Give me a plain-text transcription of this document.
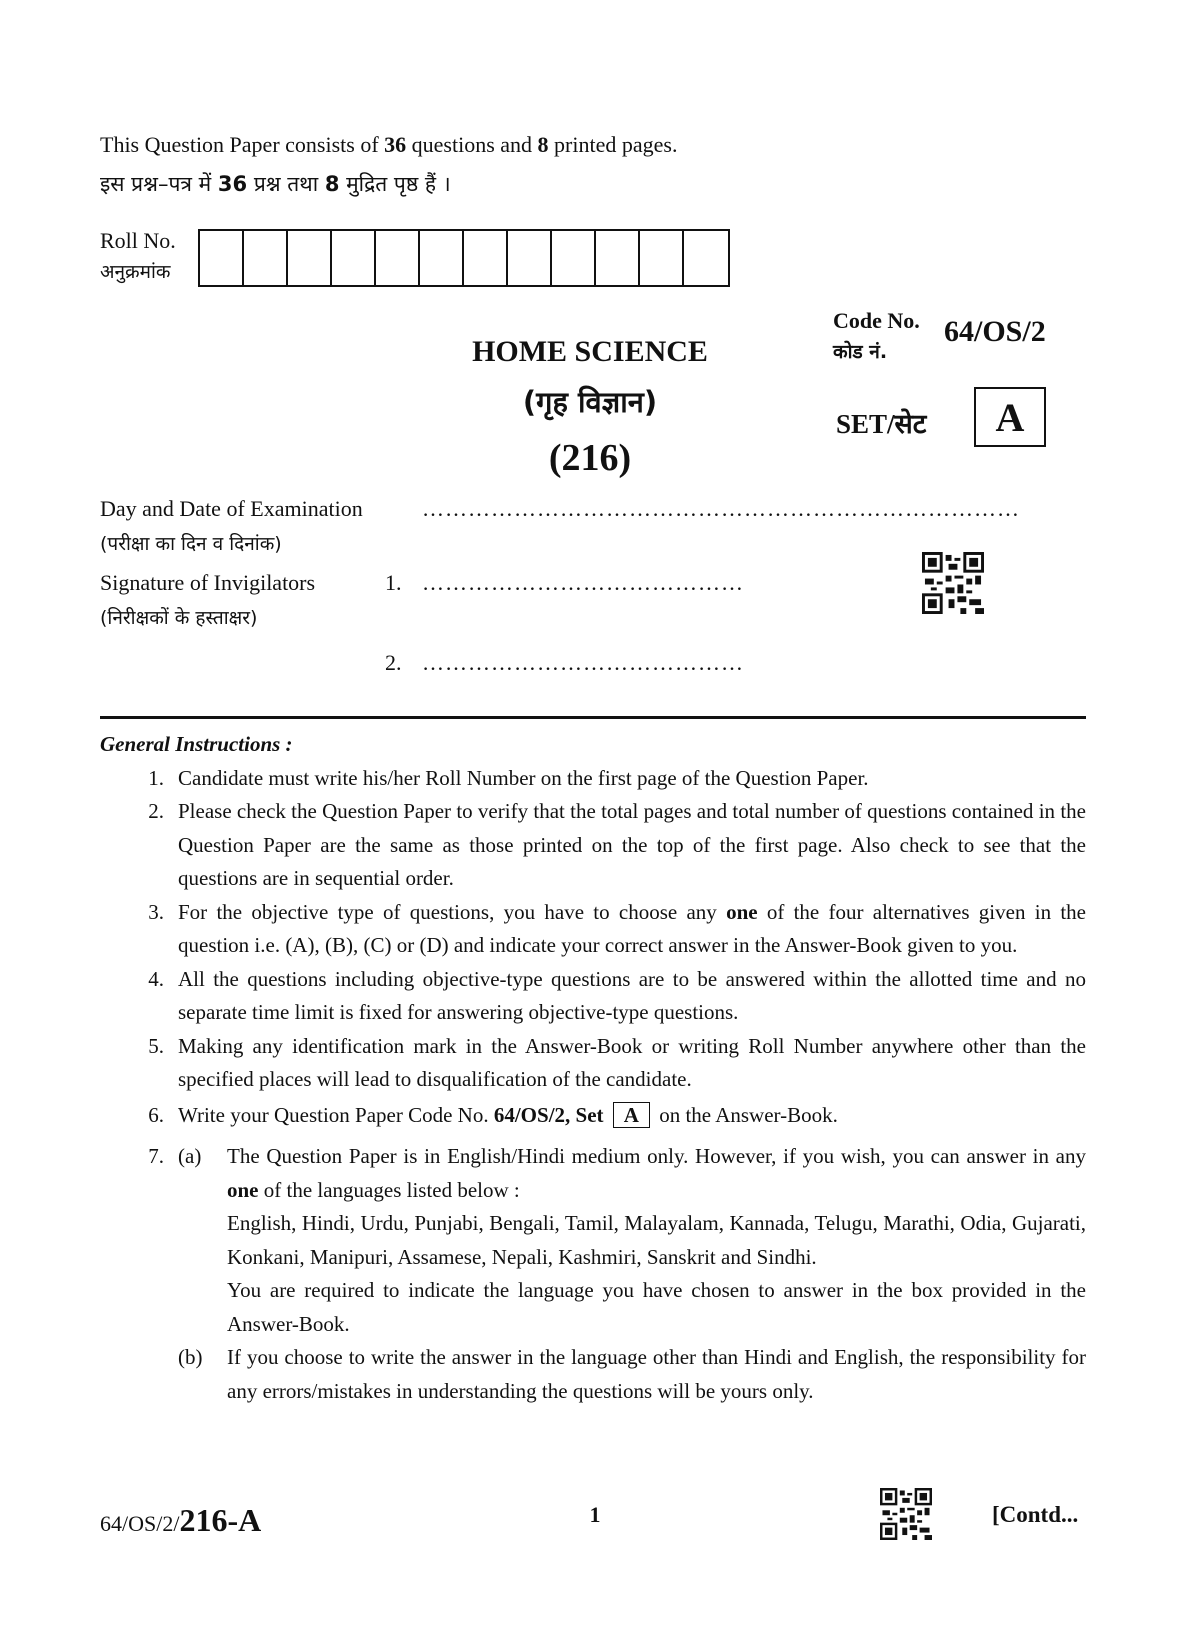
This Question Paper consists of 36 questions and 8 printed pages.
इस प्रश्न–पत्र में 36 प्रश्न तथा 8 मुद्रित पृष्ठ हैं ।
Roll No.
अनुक्रमांक
Code No.
कोड नं.
64/OS/2
HOME SCIENCE
(गृह विज्ञान)
(216)
SET/सेट	A
Day and Date of Examination
(परीक्षा का दिन व दिनांक)
……………………………………………………………………
Signature of Invigilators
(निरीक्षकों के हस्ताक्षर)
1. ……………………………………
2. ……………………………………
General Instructions :
1. Candidate must write his/her Roll Number on the first page of the Question Paper.
2. Please check the Question Paper to verify that the total pages and total number of questions contained in the Question Paper are the same as those printed on the top of the first page. Also check to see that the questions are in sequential order.
3. For the objective type of questions, you have to choose any one of the four alternatives given in the question i.e. (A), (B), (C) or (D) and indicate your correct answer in the Answer-Book given to you.
4. All the questions including objective-type questions are to be answered within the allotted time and no separate time limit is fixed for answering objective-type questions.
5. Making any identification mark in the Answer-Book or writing Roll Number anywhere other than the specified places will lead to disqualification of the candidate.
6. Write your Question Paper Code No. 64/OS/2, Set A on the Answer-Book.
7. (a)	The Question Paper is in English/Hindi medium only. However, if you wish, you can answer in any one of the languages listed below :
English, Hindi, Urdu, Punjabi, Bengali, Tamil, Malayalam, Kannada, Telugu, Marathi, Odia, Gujarati, Konkani, Manipuri, Assamese, Nepali, Kashmiri, Sanskrit and Sindhi.
You are required to indicate the language you have chosen to answer in the box provided in the Answer-Book.
(b)	If you choose to write the answer in the language other than Hindi and English, the responsibility for any errors/mistakes in understanding the questions will be yours only.
64/OS/2/216-A	1	[Contd...
